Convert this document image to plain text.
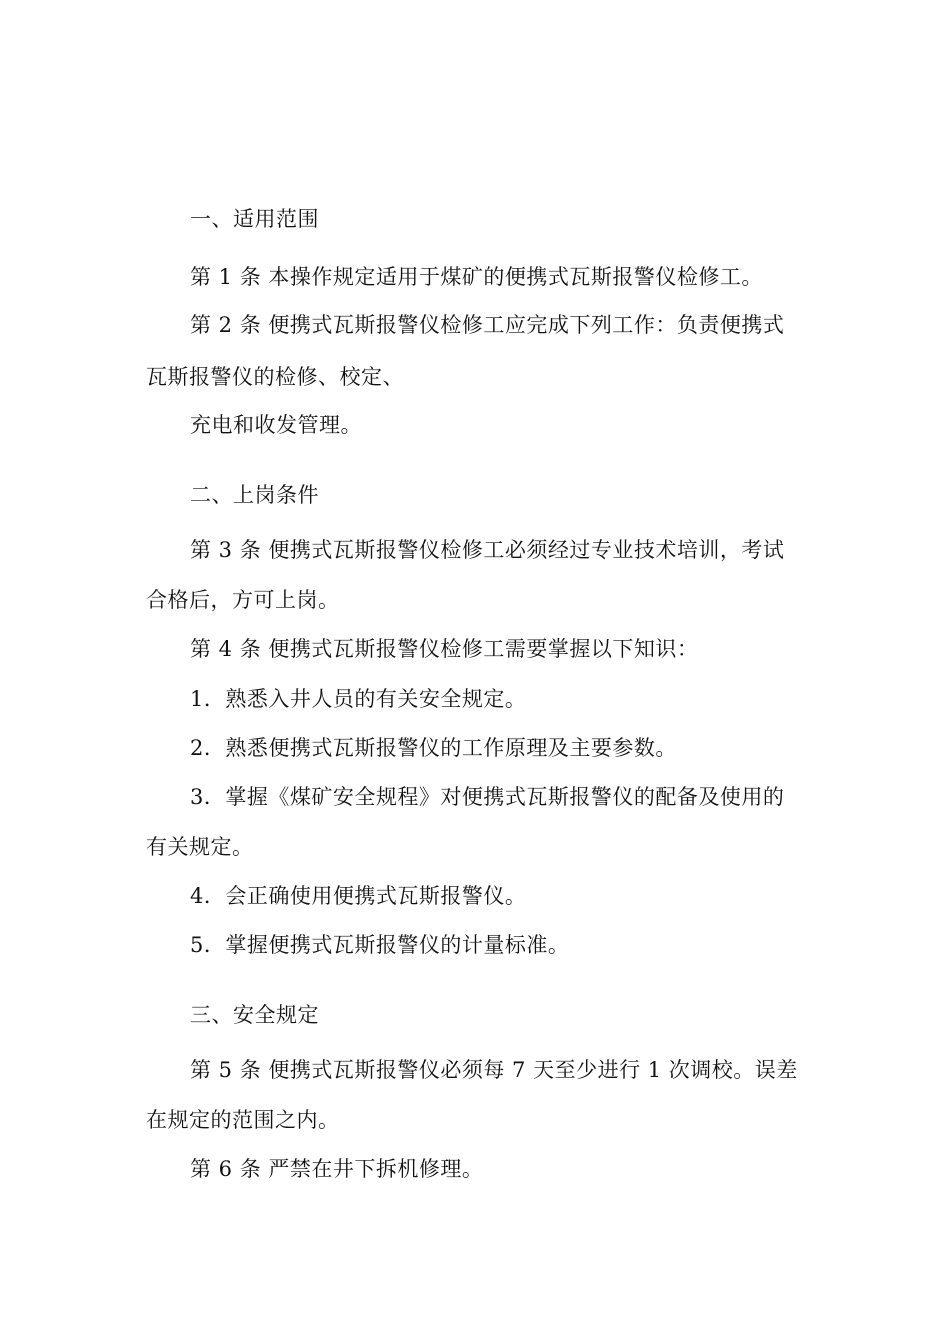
一、适用范围
第 1 条 本操作规定适用于煤矿的便携式瓦斯报警仪检修工。
第 2 条 便携式瓦斯报警仪检修工应完成下列工作：负责便携式
瓦斯报警仪的检修、校定、
充电和收发管理。
二、上岗条件
第 3 条 便携式瓦斯报警仪检修工必须经过专业技术培训，考试
合格后，方可上岗。
第 4 条 便携式瓦斯报警仪检修工需要掌握以下知识：
1．熟悉入井人员的有关安全规定。
2．熟悉便携式瓦斯报警仪的工作原理及主要参数。
3．掌握《煤矿安全规程》对便携式瓦斯报警仪的配备及使用的
有关规定。
4．会正确使用便携式瓦斯报警仪。
5．掌握便携式瓦斯报警仪的计量标准。
三、安全规定
第 5 条 便携式瓦斯报警仪必须每 7 天至少进行 1 次调校。误差
在规定的范围之内。
第 6 条 严禁在井下拆机修理。
